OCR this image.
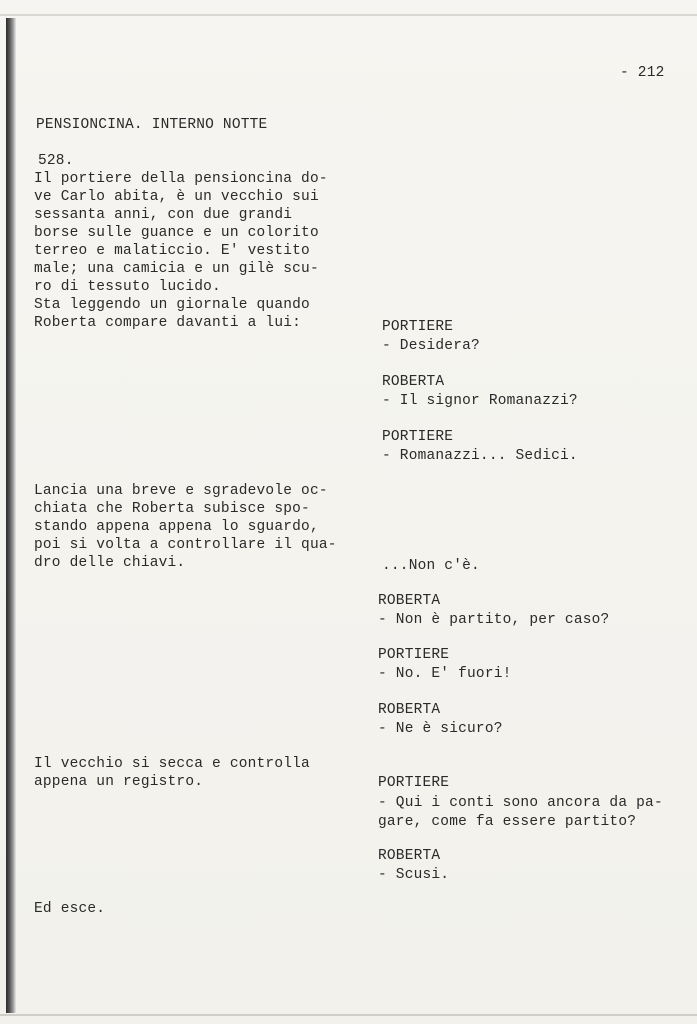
- 212
PENSIONCINA. INTERNO NOTTE
528.
Il portiere della pensioncina do-
ve Carlo abita, è un vecchio sui
sessanta anni, con due grandi
borse sulle guance e un colorito
terreo e malaticcio. E' vestito
male; una camicia e un gilè scu-
ro di tessuto lucido.
Sta leggendo un giornale quando
Roberta compare davanti a lui:	PORTIERE
- Desidera?
ROBERTA
- Il signor Romanazzi?
PORTIERE
- Romanazzi... Sedici.
Lancia una breve e sgradevole oc-
chiata che Roberta subisce spo-
stando appena appena lo sguardo,
poi si volta a controllare il qua-
dro delle chiavi.	...Non c'è.
ROBERTA
- Non è partito, per caso?
PORTIERE
- No. E' fuori!
ROBERTA
- Ne è sicuro?
Il vecchio si secca e controlla
appena un registro.	PORTIERE
- Qui i conti sono ancora da pa-
gare, come fa essere partito?
ROBERTA
- Scusi.
Ed esce.
